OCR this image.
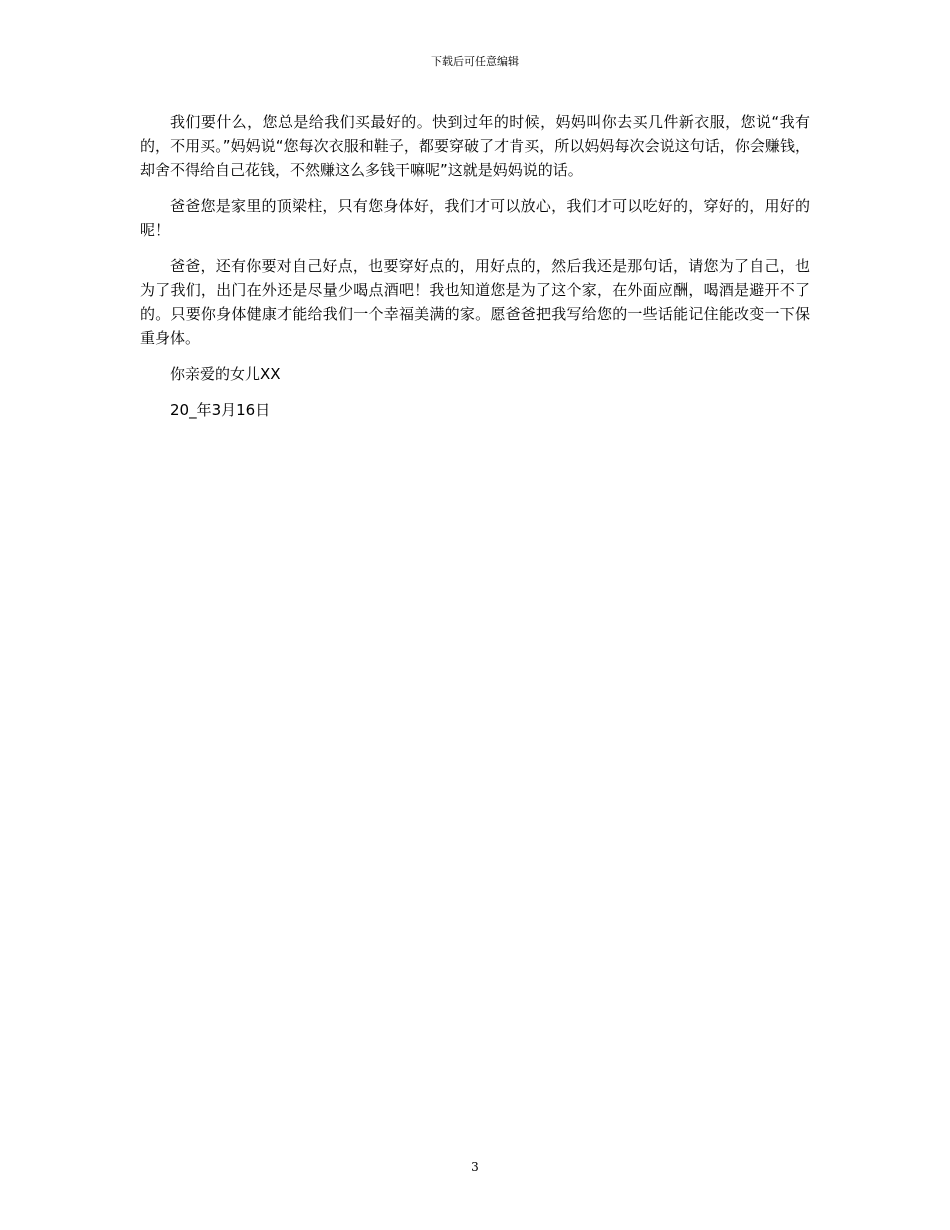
下载后可任意编辑

我们要什么，您总是给我们买最好的。快到过年的时候，妈妈叫你去买几件新衣服，您说“我有的，不用买。”妈妈说“您每次衣服和鞋子，都要穿破了才肯买，所以妈妈每次会说这句话，你会赚钱，却舍不得给自己花钱，不然赚这么多钱干嘛呢”这就是妈妈说的话。

爸爸您是家里的顶梁柱，只有您身体好，我们才可以放心，我们才可以吃好的，穿好的，用好的呢！

爸爸，还有你要对自己好点，也要穿好点的，用好点的，然后我还是那句话，请您为了自己，也为了我们，出门在外还是尽量少喝点酒吧！我也知道您是为了这个家，在外面应酬，喝酒是避开不了的。只要你身体健康才能给我们一个幸福美满的家。愿爸爸把我写给您的一些话能记住能改变一下保重身体。

你亲爱的女儿XX

20_年3月16日

3
